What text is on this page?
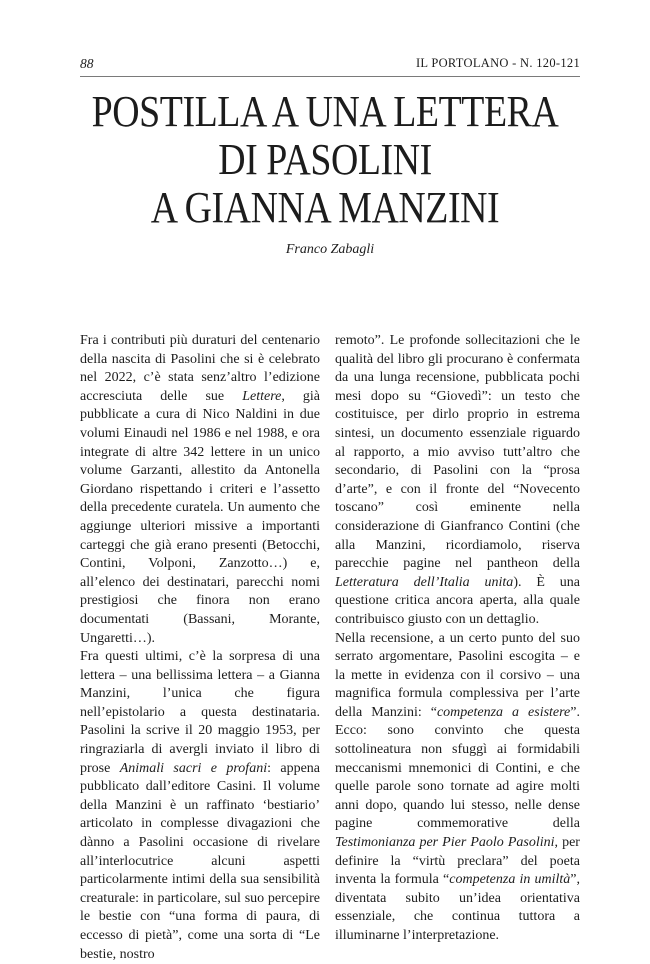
88	IL PORTOLANO - N. 120-121
POSTILLA A UNA LETTERA
DI PASOLINI
A GIANNA MANZINI
Franco Zabagli

Fra i contributi più duraturi del centenario della nascita di Pasolini che si è celebrato nel 2022, c’è stata senz’altro l’edizione accresciuta delle sue Lettere, già pubblicate a cura di Nico Naldini in due volumi Einaudi nel 1986 e nel 1988, e ora integrate di altre 342 lettere in un unico volume Garzanti, allestito da Antonella Giordano rispettando i criteri e l’assetto della precedente curatela. Un aumento che aggiunge ulteriori missive a importanti carteggi che già erano presenti (Betocchi, Contini, Volponi, Zanzotto…) e, all’elenco dei destinatari, parecchi nomi prestigiosi che finora non erano documentati (Bassani, Morante, Ungaretti…).

Fra questi ultimi, c’è la sorpresa di una lettera – una bellissima lettera – a Gianna Manzini, l’unica che figura nell’epistolario a questa destinataria. Pasolini la scrive il 20 maggio 1953, per ringraziarla di avergli inviato il libro di prose Animali sacri e profani: appena pubblicato dall’editore Casini. Il volume della Manzini è un raffinato ‘bestiario’ articolato in complesse divagazioni che dànno a Pasolini occasione di rivelare all’interlocutrice alcuni aspetti particolarmente intimi della sua sensibilità creaturale: in particolare, sul suo percepire le bestie con “una forma di paura, di eccesso di pietà”, come una sorta di “Le bestie, nostro

remoto”. Le profonde sollecitazioni che le qualità del libro gli procurano è confermata da una lunga recensione, pubblicata pochi mesi dopo su “Giovedì”: un testo che costituisce, per dirlo proprio in estrema sintesi, un documento essenziale riguardo al rapporto, a mio avviso tutt’altro che secondario, di Pasolini con la “prosa d’arte”, e con il fronte del “Novecento toscano” così eminente nella considerazione di Gianfranco Contini (che alla Manzini, ricordiamolo, riserva parecchie pagine nel pantheon della Letteratura dell’Italia unita). È una questione critica ancora aperta, alla quale contribuisco giusto con un dettaglio.

Nella recensione, a un certo punto del suo serrato argomentare, Pasolini escogita – e la mette in evidenza con il corsivo – una magnifica formula complessiva per l’arte della Manzini: “competenza a esistere”. Ecco: sono convinto che questa sottolineatura non sfuggì ai formidabili meccanismi mnemonici di Contini, e che quelle parole sono tornate ad agire molti anni dopo, quando lui stesso, nelle dense pagine commemorative della Testimonianza per Pier Paolo Pasolini, per definire la “virtù preclara” del poeta inventa la formula “competenza in umiltà”, diventata subito un’idea orientativa essenziale, che continua tuttora a illuminarne l’interpretazione.
